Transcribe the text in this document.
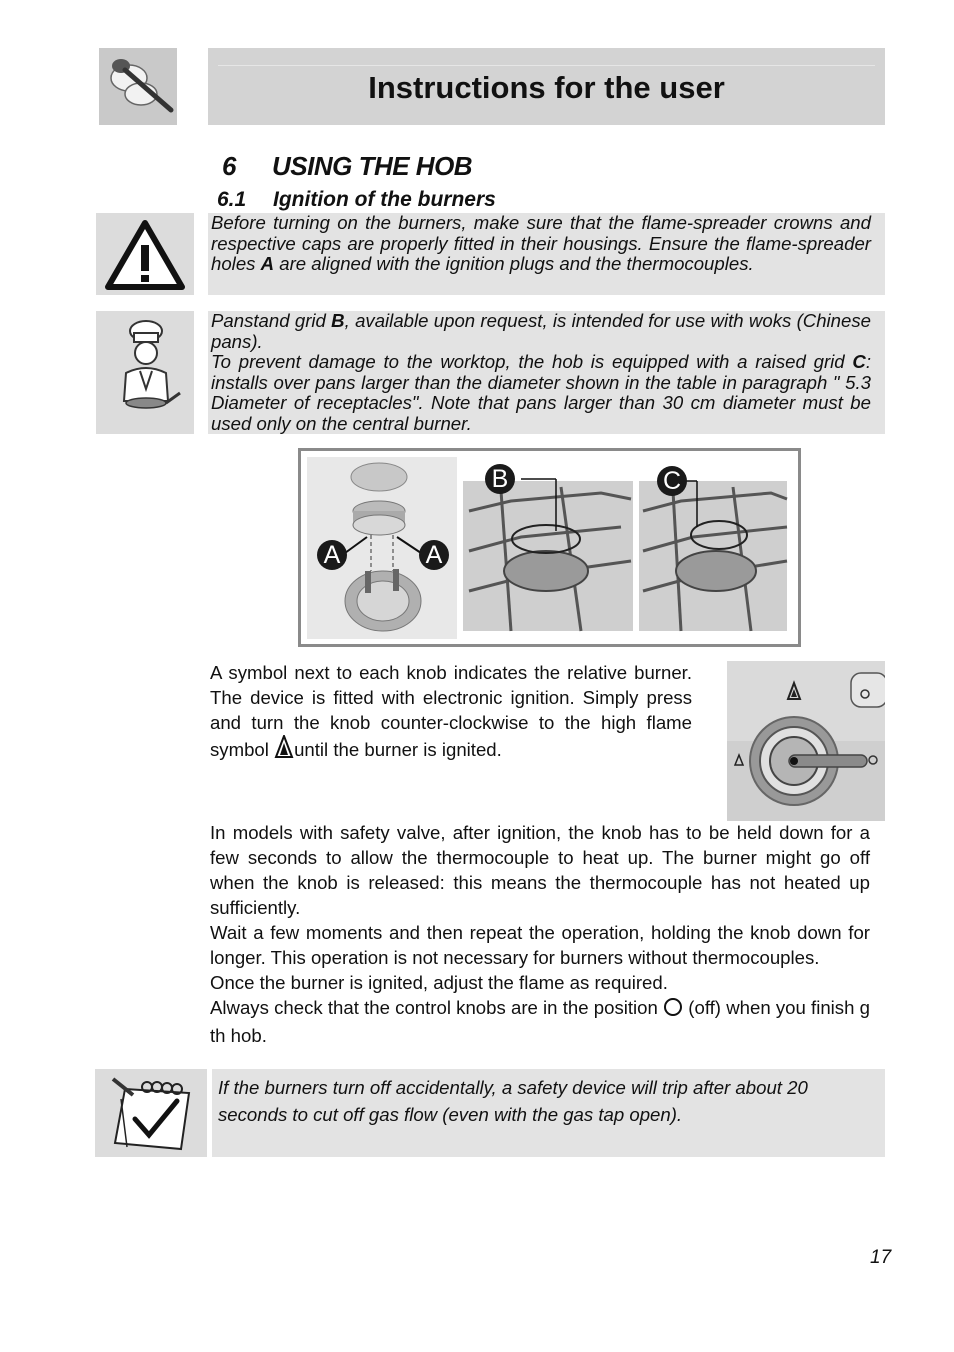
Instructions for the user
6 USING THE HOB
6.1 Ignition of the burners
Before turning on the burners, make sure that the flame-spreader crowns and respective caps are properly fitted in their housings. Ensure the flame-spreader holes A are aligned with the ignition plugs and the thermocouples.

Panstand grid B, available upon request, is intended for use with woks (Chinese pans).

To prevent damage to the worktop, the hob is equipped with a raised grid C: installs over pans larger than the diameter shown in the table in paragraph " 5.3 Diameter of receptacles". Note that pans larger than 30 cm diameter must be used only on the central burner.

A	A
B	C
A symbol next to each knob indicates the relative burner. The device is fitted with electronic ignition. Simply press and turn the knob counter-clockwise to the high flame symbol until the burner is ignited.

In models with safety valve, after ignition, the knob has to be held down for a few seconds to allow the thermocouple to heat up. The burner might go off when the knob is released: this means the thermocouple has not heated up sufficiently.

Wait a few moments and then repeat the operation, holding the knob down for longer. This operation is not necessary for burners without thermocouples.

Once the burner is ignited, adjust the flame as required.

Always check that the control knobs are in the position  (off) when you finish g th hob.

If the burners turn off accidentally, a safety device will trip after about 20 seconds to cut off gas flow (even with the gas tap open).
17
